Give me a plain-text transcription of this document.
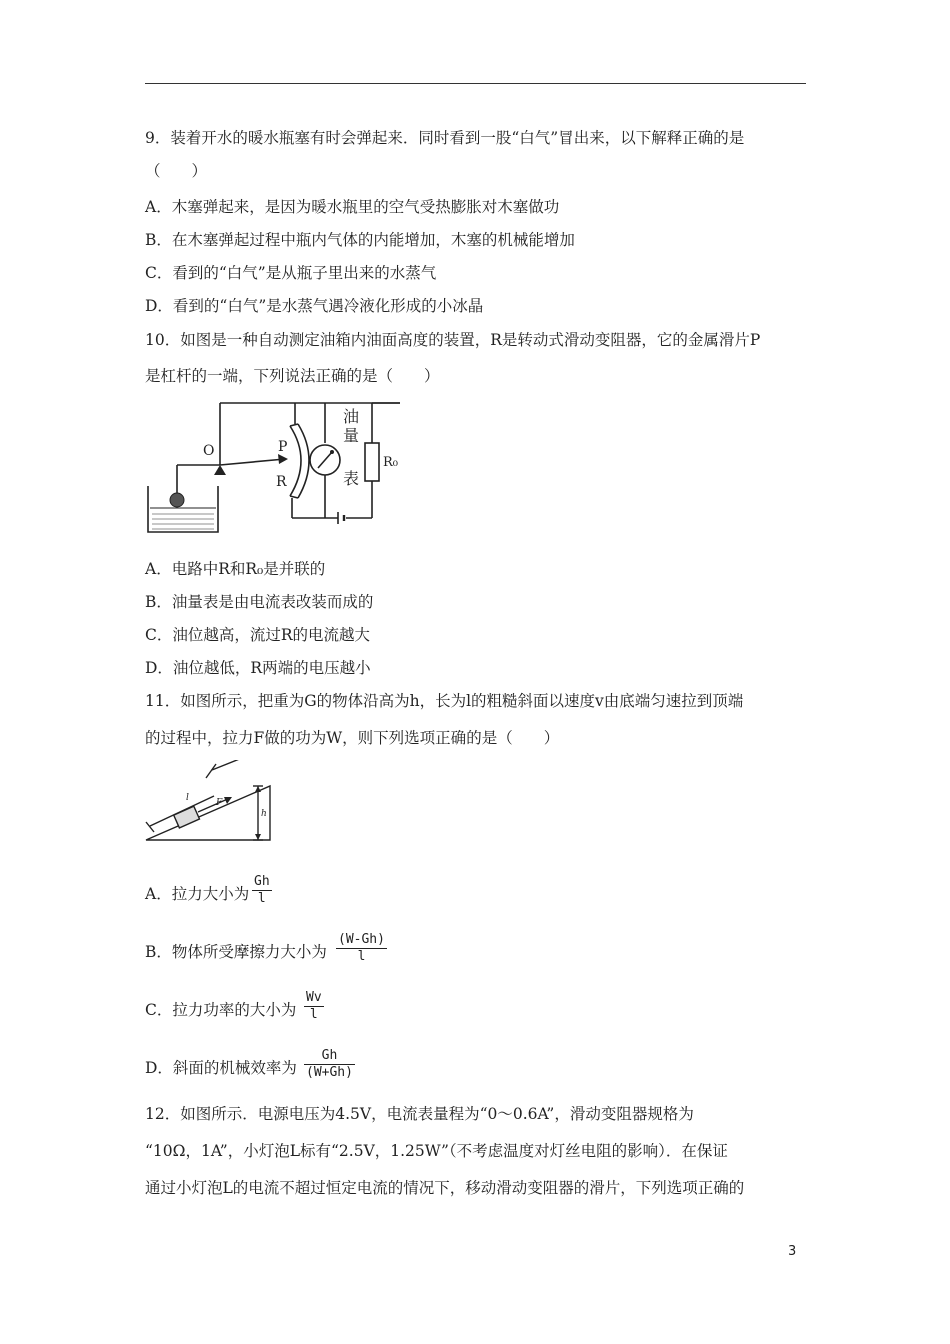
9．装着开水的暖水瓶塞有时会弹起来．同时看到一股“白气”冒出来，以下解释正确的是
（　　）
A．木塞弹起来，是因为暖水瓶里的空气受热膨胀对木塞做功
B．在木塞弹起过程中瓶内气体的内能增加，木塞的机械能增加
C．看到的“白气”是从瓶子里出来的水蒸气
D．看到的“白气”是水蒸气遇冷液化形成的小冰晶
10．如图是一种自动测定油箱内油面高度的装置，R是转动式滑动变阻器，它的金属滑片P
是杠杆的一端，下列说法正确的是（　　）
O	P
R
油
量
表
R₀
A．电路中R和R₀是并联的
B．油量表是由电流表改装而成的
C．油位越高，流过R的电流越大
D．油位越低，R两端的电压越小
11．如图所示，把重为G的物体沿高为h，长为l的粗糙斜面以速度v由底端匀速拉到顶端
的过程中，拉力F做的功为W，则下列选项正确的是（　　）
l	F
h
A．拉力大小为
Gh
l
B．物体所受摩擦力大小为
(W-Gh)
l
C．拉力功率的大小为
Wv
l
D．斜面的机械效率为
Gh
(W+Gh)
12．如图所示．电源电压为4.5V，电流表量程为“0～0.6A”，滑动变阻器规格为
“10Ω，1A”，小灯泡L标有“2.5V，1.25W”（不考虑温度对灯丝电阻的影响）．在保证
通过小灯泡L的电流不超过恒定电流的情况下，移动滑动变阻器的滑片，下列选项正确的
3
